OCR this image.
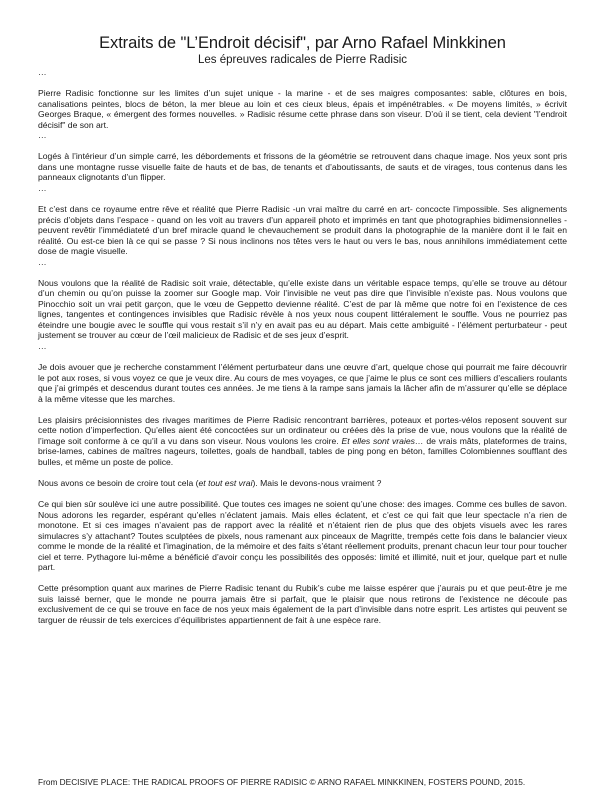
Extraits de "L’Endroit décisif", par Arno Rafael Minkkinen

Les épreuves radicales de Pierre Radisic

…

Pierre Radisic fonctionne sur les limites d’un sujet unique - la marine - et de ses maigres composantes: sable, clôtures en bois, canalisations peintes, blocs de béton, la mer bleue au loin et ces cieux bleus, épais et impénétrables. « De moyens limités, » écrivit Georges Braque, « émergent des formes nouvelles. » Radisic résume cette phrase dans son viseur. D’où il se tient, cela devient "l’endroit décisif" de son art.

…

Logés à l’intérieur d’un simple carré, les débordements et frissons de la géométrie se retrouvent dans chaque image. Nos yeux sont pris dans une montagne russe visuelle faite de hauts et de bas, de tenants et d’aboutissants, de sauts et de virages, tous contenus dans les panneaux clignotants d’un flipper.

…

Et c’est dans ce royaume entre rêve et réalité que Pierre Radisic -un vrai maître du carré en art- concocte l’impossible. Ses alignements précis d’objets dans l’espace - quand on les voit au travers d’un appareil photo et imprimés en tant que photographies bidimensionnelles - peuvent revêtir l’immédiateté d’un bref miracle quand le chevauchement se produit dans la photographie de la manière dont il le fait en réalité. Ou est-ce bien là ce qui se passe ? Si nous inclinons nos têtes vers le haut ou vers le bas, nous annihilons immédiatement cette dose de magie visuelle.

…

Nous voulons que la réalité de Radisic soit vraie, détectable, qu’elle existe dans un véritable espace temps, qu’elle se trouve au détour d’un chemin ou qu’on puisse la zoomer sur Google map. Voir l’invisible ne veut pas dire que l’invisible n’existe pas. Nous voulons que Pinocchio soit un vrai petit garçon, que le vœu de Geppetto devienne réalité. C’est de par là même que notre foi en l’existence de ces lignes, tangentes et contingences invisibles que Radisic révèle à nos yeux nous coupent littéralement le souffle. Vous ne pourriez pas éteindre une bougie avec le souffle qui vous restait s’il n’y en avait pas eu au départ. Mais cette ambiguité - l’élément perturbateur - peut justement se trouver au cœur de l’œil malicieux de Radisic et de ses jeux d’esprit.

…

Je dois avouer que je recherche constamment l’élément perturbateur dans une œuvre d’art, quelque chose qui pourrait me faire découvrir le pot aux roses, si vous voyez ce que je veux dire. Au cours de mes voyages, ce que j’aime le plus ce sont ces milliers d’escaliers roulants que j’ai grimpés et descendus durant toutes ces années. Je me tiens à la rampe sans jamais la lâcher afin de m’assurer qu’elle se déplace à la même vitesse que les marches.

Les plaisirs précisionnistes des rivages maritimes de Pierre Radisic rencontrant barrières, poteaux et portes-vélos reposent souvent sur cette notion d’imperfection. Qu’elles aient été concoctées sur un ordinateur ou créées dès la prise de vue, nous voulons que la réalité de l’image soit conforme à ce qu’il a vu dans son viseur. Nous voulons les croire. Et elles sont vraies… de vrais mâts, plateformes de trains, brise-lames, cabines de maîtres nageurs, toilettes, goals de handball, tables de ping pong en béton, familles Colombiennes soufflant des bulles, et même un poste de police.

Nous avons ce besoin de croire tout cela (et tout est vrai). Mais le devons-nous vraiment ?

Ce qui bien sûr soulève ici une autre possibilité. Que toutes ces images ne soient qu’une chose: des images. Comme ces bulles de savon. Nous adorons les regarder, espérant qu’elles n’éclatent jamais. Mais elles éclatent, et c’est ce qui fait que leur spectacle n’a rien de monotone. Et si ces images n’avaient pas de rapport avec la réalité et n’étaient rien de plus que des objets visuels avec les rares simulacres s’y attachant? Toutes sculptées de pixels, nous ramenant aux pinceaux de Magritte, trempés cette fois dans le balancier vieux comme le monde de la réalité et l’imagination, de la mémoire et des faits s’étant réellement produits, prenant chacun leur tour pour toucher ciel et terre. Pythagore lui-même a bénéficié d’avoir conçu les possibilités des opposés: limité et illimité, nuit et jour, quelque part et nulle part.

Cette présomption quant aux marines de Pierre Radisic tenant du Rubik’s cube me laisse espérer que j’aurais pu et que peut-être je me suis laissé berner, que le monde ne pourra jamais être si parfait, que le plaisir que nous retirons de l’existence ne découle pas exclusivement de ce qui se trouve en face de nos yeux mais également de la part d’invisible dans notre esprit. Les artistes qui peuvent se targuer de réussir de tels exercices d’équilibristes appartiennent de fait à une espèce rare.

From DECISIVE PLACE: THE RADICAL PROOFS OF PIERRE RADISIC © ARNO RAFAEL MINKKINEN, FOSTERS POUND, 2015.
